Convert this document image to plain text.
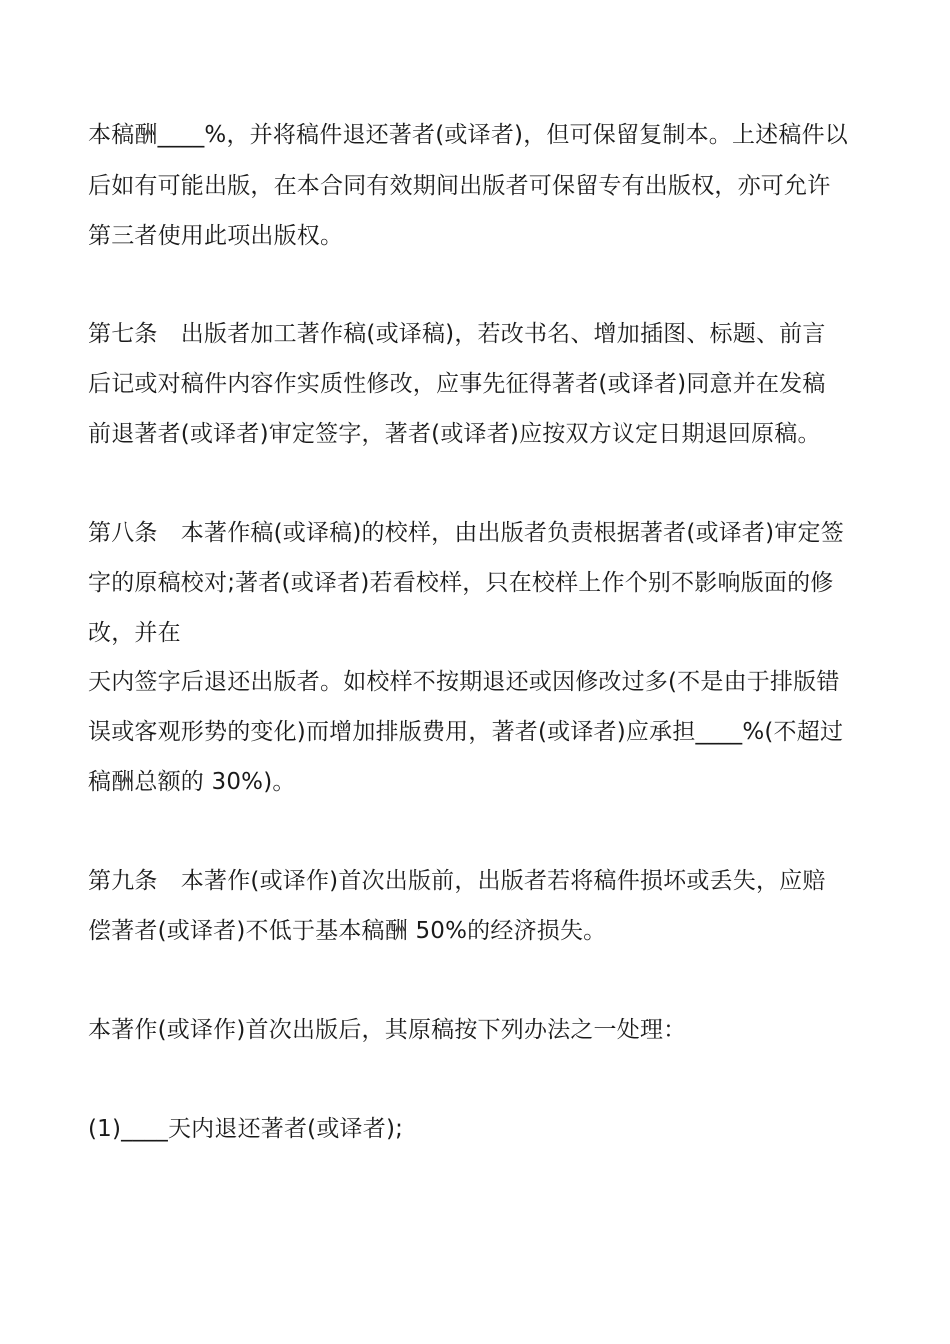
本稿酬____%，并将稿件退还著者(或译者)，但可保留复制本。上述稿件以
后如有可能出版，在本合同有效期间出版者可保留专有出版权，亦可允许
第三者使用此项出版权。
第七条　出版者加工著作稿(或译稿)，若改书名、增加插图、标题、前言
后记或对稿件内容作实质性修改，应事先征得著者(或译者)同意并在发稿
前退著者(或译者)审定签字，著者(或译者)应按双方议定日期退回原稿。
第八条　本著作稿(或译稿)的校样，由出版者负责根据著者(或译者)审定签
字的原稿校对;著者(或译者)若看校样，只在校样上作个别不影响版面的修
改，并在
天内签字后退还出版者。如校样不按期退还或因修改过多(不是由于排版错
误或客观形势的变化)而增加排版费用，著者(或译者)应承担____%(不超过
稿酬总额的 30%)。
第九条　本著作(或译作)首次出版前，出版者若将稿件损坏或丢失，应赔
偿著者(或译者)不低于基本稿酬 50%的经济损失。
本著作(或译作)首次出版后，其原稿按下列办法之一处理：
(1)____天内退还著者(或译者);
